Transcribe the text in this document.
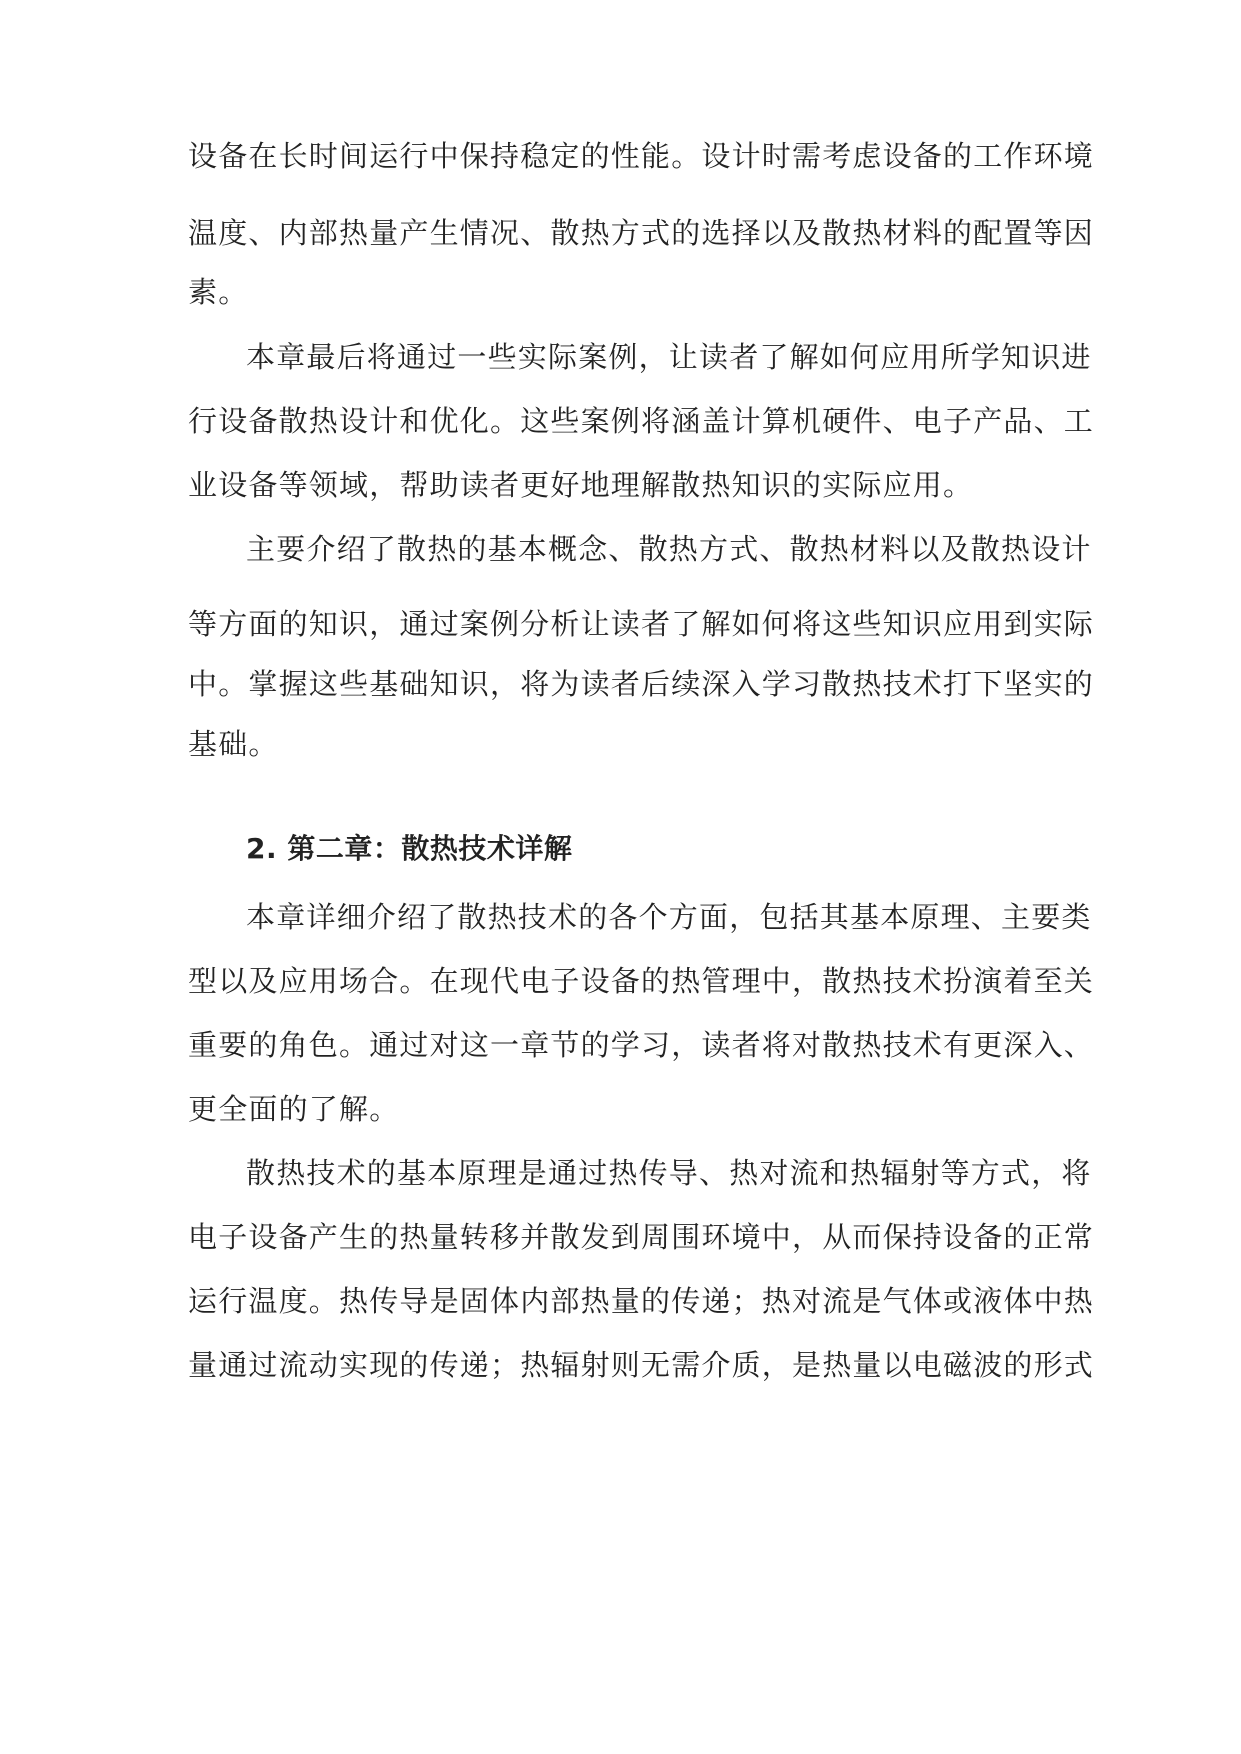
设备在长时间运行中保持稳定的性能。设计时需考虑设备的工作环境
温度、内部热量产生情况、散热方式的选择以及散热材料的配置等因
素。
本章最后将通过一些实际案例，让读者了解如何应用所学知识进
行设备散热设计和优化。这些案例将涵盖计算机硬件、电子产品、工
业设备等领域，帮助读者更好地理解散热知识的实际应用。
主要介绍了散热的基本概念、散热方式、散热材料以及散热设计
等方面的知识，通过案例分析让读者了解如何将这些知识应用到实际
中。掌握这些基础知识，将为读者后续深入学习散热技术打下坚实的
基础。
2. 第二章：散热技术详解
本章详细介绍了散热技术的各个方面，包括其基本原理、主要类
型以及应用场合。在现代电子设备的热管理中，散热技术扮演着至关
重要的角色。通过对这一章节的学习，读者将对散热技术有更深入、
更全面的了解。
散热技术的基本原理是通过热传导、热对流和热辐射等方式，将
电子设备产生的热量转移并散发到周围环境中，从而保持设备的正常
运行温度。热传导是固体内部热量的传递；热对流是气体或液体中热
量通过流动实现的传递；热辐射则无需介质，是热量以电磁波的形式
